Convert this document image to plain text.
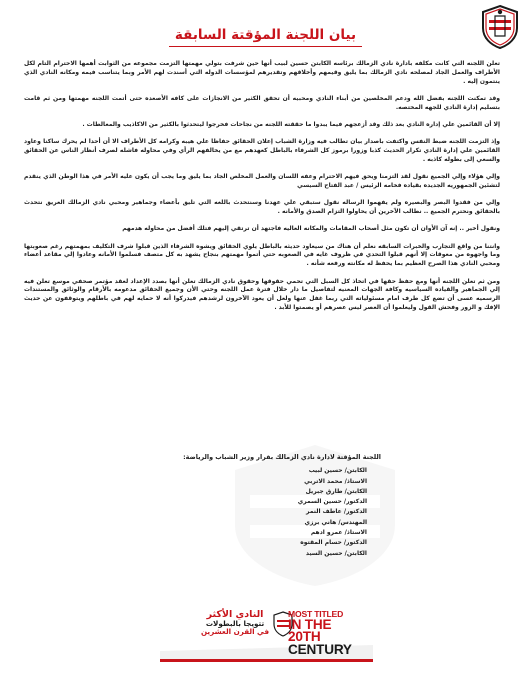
بيان اللجنة المؤقتة السابقة

تعلن اللجنه التي كانت مكلفه بادارة نادي الزمالك برئاسه الكابتن حسين لبيب أنها حين شرفت بتولي مهمتها التزمت مجموعه من الثوابت أهمها الاحترام التام لكل الأطراف والعمل الجاد لمصلحه نادي الزمالك بما يليق وقيمهم وأخلاقهم وتقديرهم لمؤسسات الدوله التي أسندت لهم الأمر وبما يتناسب فيمه ومكانه النادي الذي ينتمون إليه .

وقد تمكنت اللجنه بفضل الله ودعم المخلصين من أبناء النادي ومحبيه أن تحقق الكثير من الانجازات على كافه الأصعده حتى أتمت اللجنه مهمتها ومن ثم قامت بتسليم إدارة النادي للجهه المختصه.

إلا أن القائمين علي إداره النادي بعد ذلك وقد أزعجهم فيما يبدوا ما حققته اللجنه من نجاحات فخرجوا ليتحدثوا بالكثير من الاكاذيب والمغالطات .

وإذ التزمت اللجنه ضبط النفس واكتفت باصدار بيان تطالب فيه وزارة الشباب إعلان الحقائق حفاظا علي هيبه وكرامه كل الأطراف الا أن أحدا لم يحرك ساكنا وعاود القائمين علي إدارة النادي تكرار الحديث كذبا وزورا برموز كل الشرفاء بالباطل كعهدهم مع من يخالفهم الرأي وفي محاوله فاشله لصرف أنظار الناس عن الحقائق والسعي إلى بطوله كاذبه .

وإلي هؤلاء وإلي الجميع نقول لقد التزمنا ويحق فيهم الاحترام وعفه اللسان والعمل المخلص الجاد بما يليق وما يجب أن يكون عليه الأمر في هذا الوطن الذي ينقدم لتشئين الجمهوريه الجديده بقياده فخامه الرئيس / عبد الفتاح السيسي

وإلي من فقدوا البصر والبصيره ولم يفهموا الرساله نقول ستبقي علي عهدنا وسنتحدث باللغه التي تليق بأعضاء وجماهير ومحبي نادي الزمالك العريق نتحدث بالحقائق ونحترم الجميع .. نطالب الآخرين أن يحاولوا التزام الصدق والأمانه .

ونقول أخير .. إنه آن الأوان أن تكون مثل أصحاب المقامات والمكانه العاليه فاجتهد أن ترتقي إليهم فتلك أفضل من محاوله هدمهم

وانتنا من واقع التجارب والخبرات السابقه نعلم أن هناك من سيعاود حديثه بالباطل يلوي الحقائق ويشوه الشرفاء الذين قبلوا شرف التكليف بمهمتهم رغم صعوبتها وما واجهوه من معوقات إلا أنهم قبلوا التحدي في ظروف غايه في الصعوبه حتي أتموا مهمتهم بنجاح يشهد به كل متصف فسلموا الأمانه وعادوا إلي مقاعد أعضاء ومحبي النادي هذا الصرح العظيم بما يحفظ له مكانته ورفعه شأنه .

ومن ثم تعلن اللجنه أنها ومع حفظ حقها في اتخاذ كل السبل التي تحمي حقوقها وحقوق نادي الزمالك تعلن أنها بصدد الإعداد لعقد مؤتمر صحفي موسع تعلن فيه إلي الجماهير والقياده السياسيه وكافة الجهات المعنيه لتفاصيل ما دار خلال فترة عمل اللجنه وحتي الأن وجميع الحقائق مدعومه بالأرقام والوثائق والمستندات الرسميه عسى أن تضع كل طرف امام مسئولياته التي ربما غفل عنها ولعل أن يعود الآخرون لرشدهم فيدركوا أنه لا حمايه لهم في باطلهم ويتوقفون عن حديث الإفك و الزور وفحش القول وليعلموا أن العصر ليس عصرهم أو يصمتوا للأبد .

اللجنة المؤقتة لادارة نادي الزمالك بقرار وزير الشباب والرياضة:
الكابتن/ حسين لبيب
الاستاذ/ محمد الاتربي
الكابتن/ طارق جبريل
الدكتور/ حسين السمري
الدكتور/ عاطف النمر
المهندس/ هاني برزي
الاستاذ/ عمرو ادهم
الدكتور/ حسام المقتوه
الكابتن/ حسين السيد
النادي الأكثر
تتويجا بالبطولات
في القرن العشرين
MOST TITLED
IN THE 20TH
CENTURY
